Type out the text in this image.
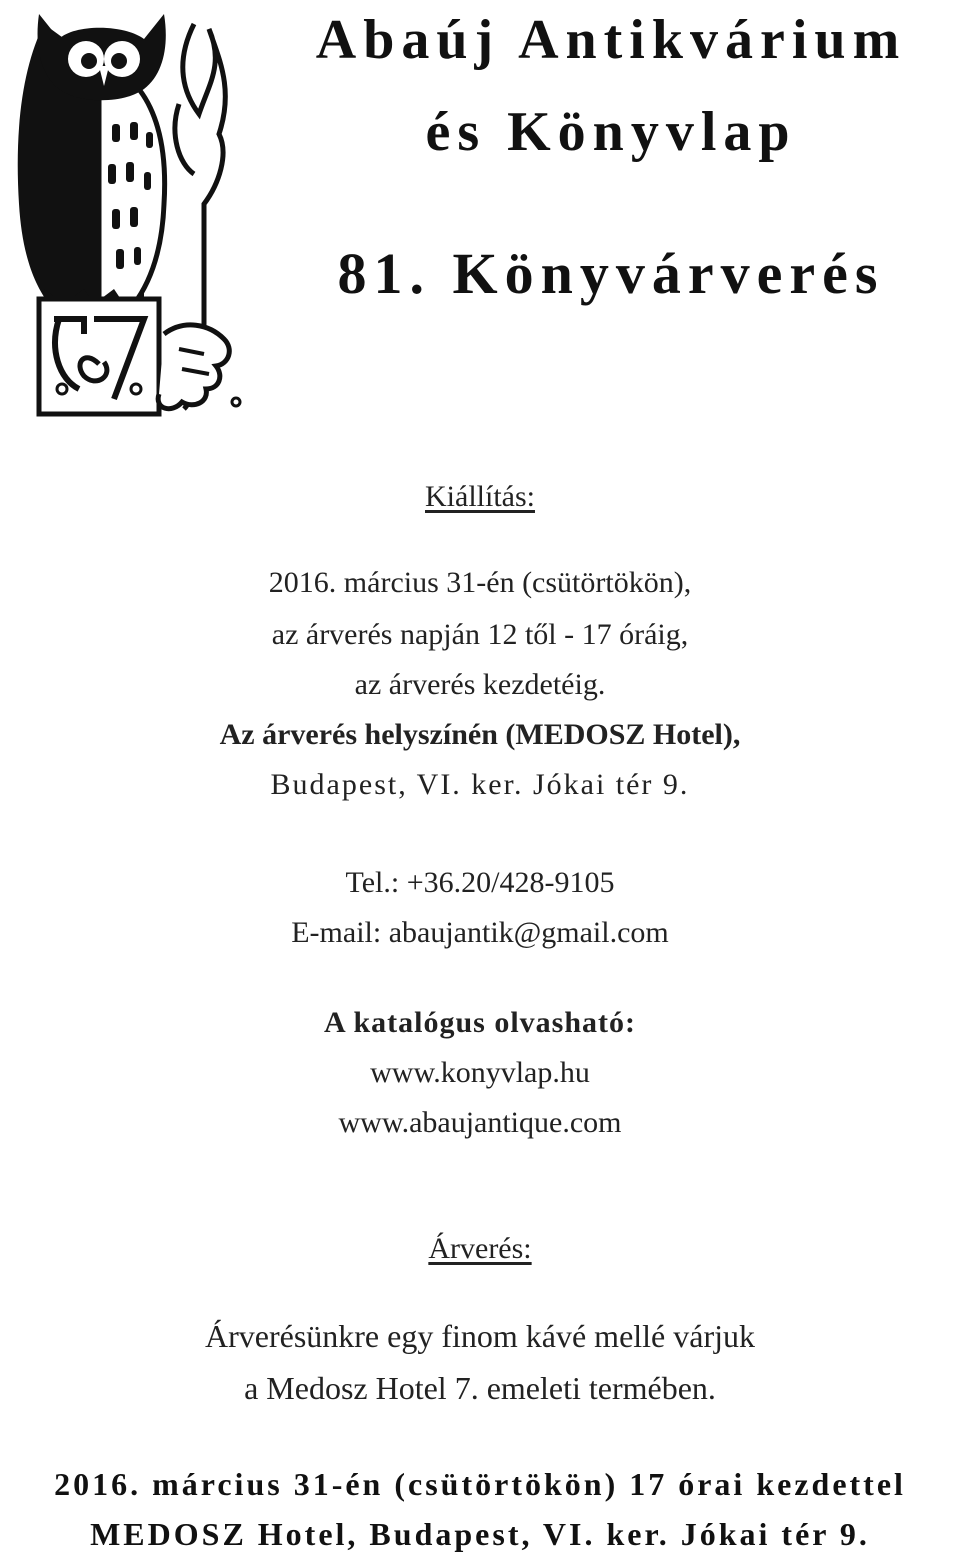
Abaúj Antikvárium
és Könyvlap
81. Könyvárverés
Kiállítás:
2016. március 31-én (csütörtökön),
az árverés napján 12 től - 17 óráig,
az árverés kezdetéig.
Az árverés helyszínén (MEDOSZ Hotel),
Budapest, VI. ker. Jókai tér 9.
Tel.: +36.20/428-9105
E-mail: abaujantik@gmail.com
A katalógus olvasható:
www.konyvlap.hu
www.abaujantique.com
Árverés:
Árverésünkre egy finom kávé mellé várjuk
a Medosz Hotel 7. emeleti termében.
2016. március 31-én (csütörtökön) 17 órai kezdettel
MEDOSZ Hotel, Budapest, VI. ker. Jókai tér 9.
